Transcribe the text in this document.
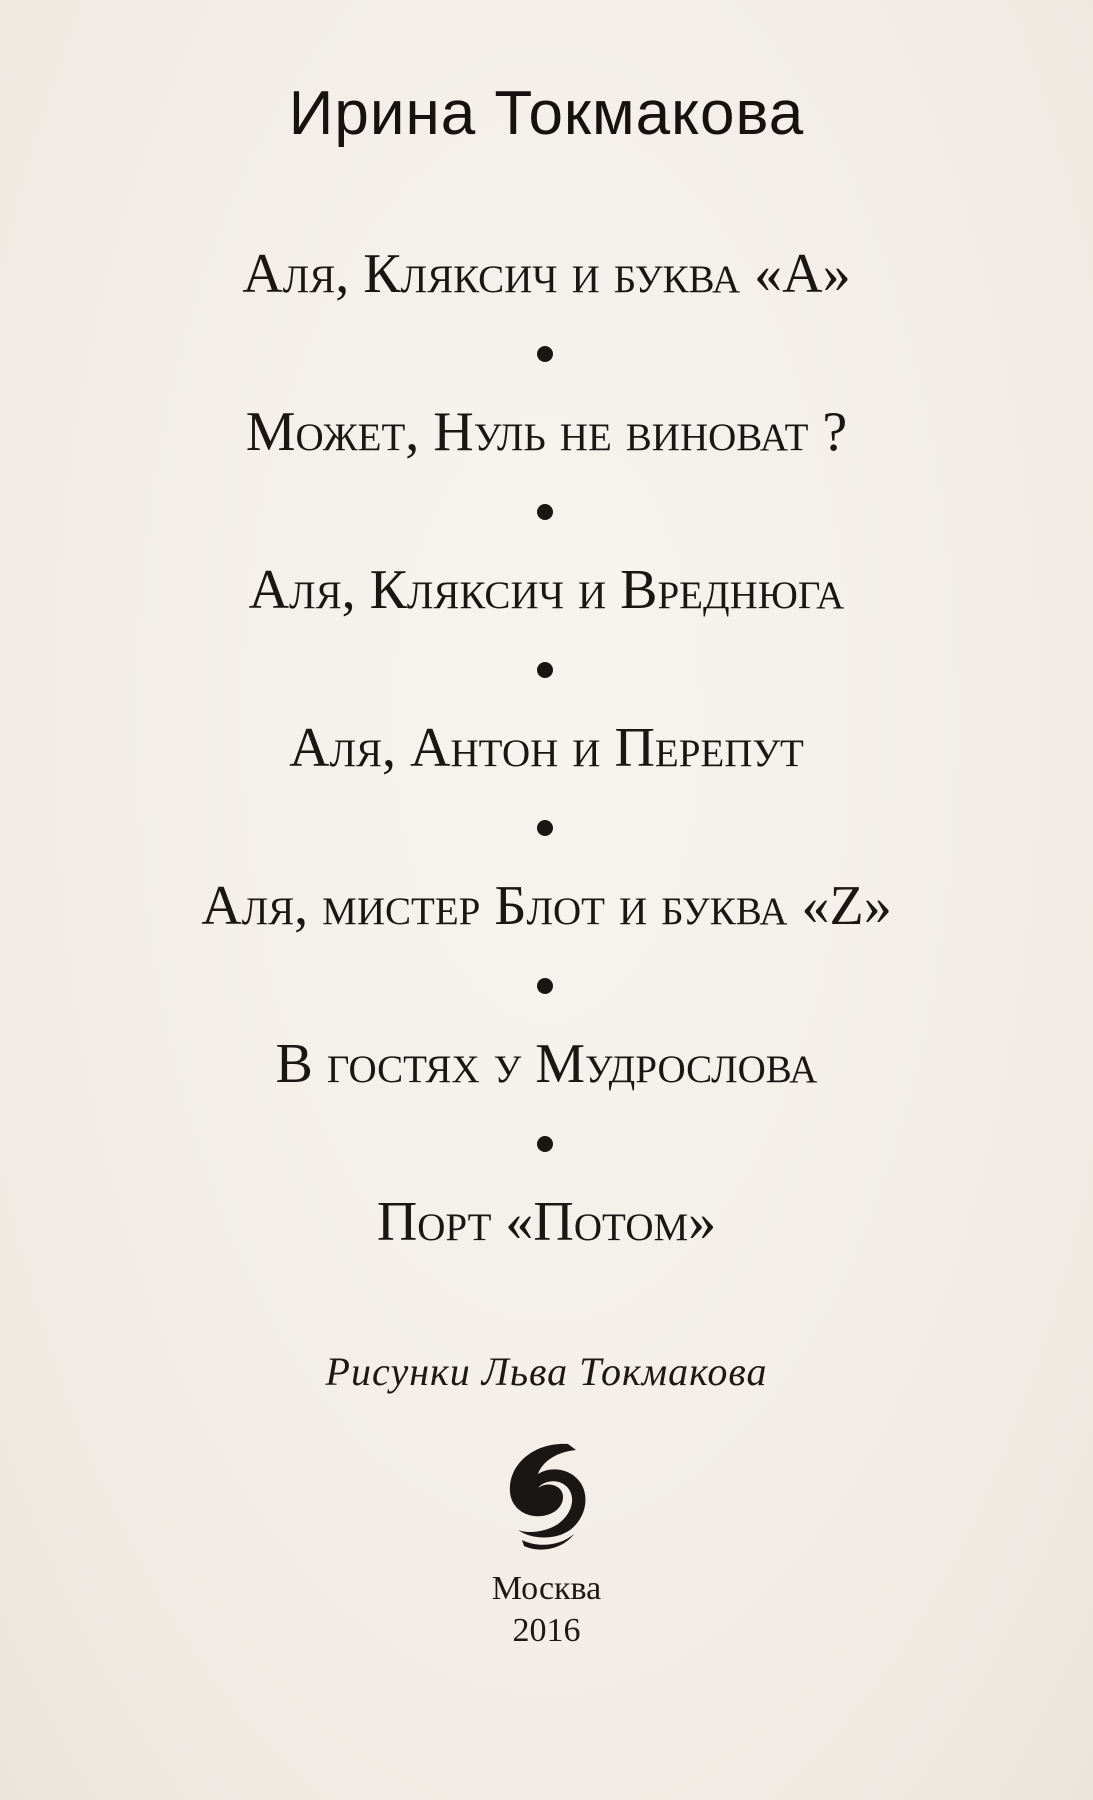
Ирина Токмакова
Аля, Кляксич и буква «А»
Может, Нуль не виноват ?
Аля, Кляксич и Вреднюга
Аля, Антон и Перепут
Аля, мистер Блот и буква «Z»
В гостях у Мудрослова
Порт «Потом»
Рисунки Льва Токмакова
Москва
2016
